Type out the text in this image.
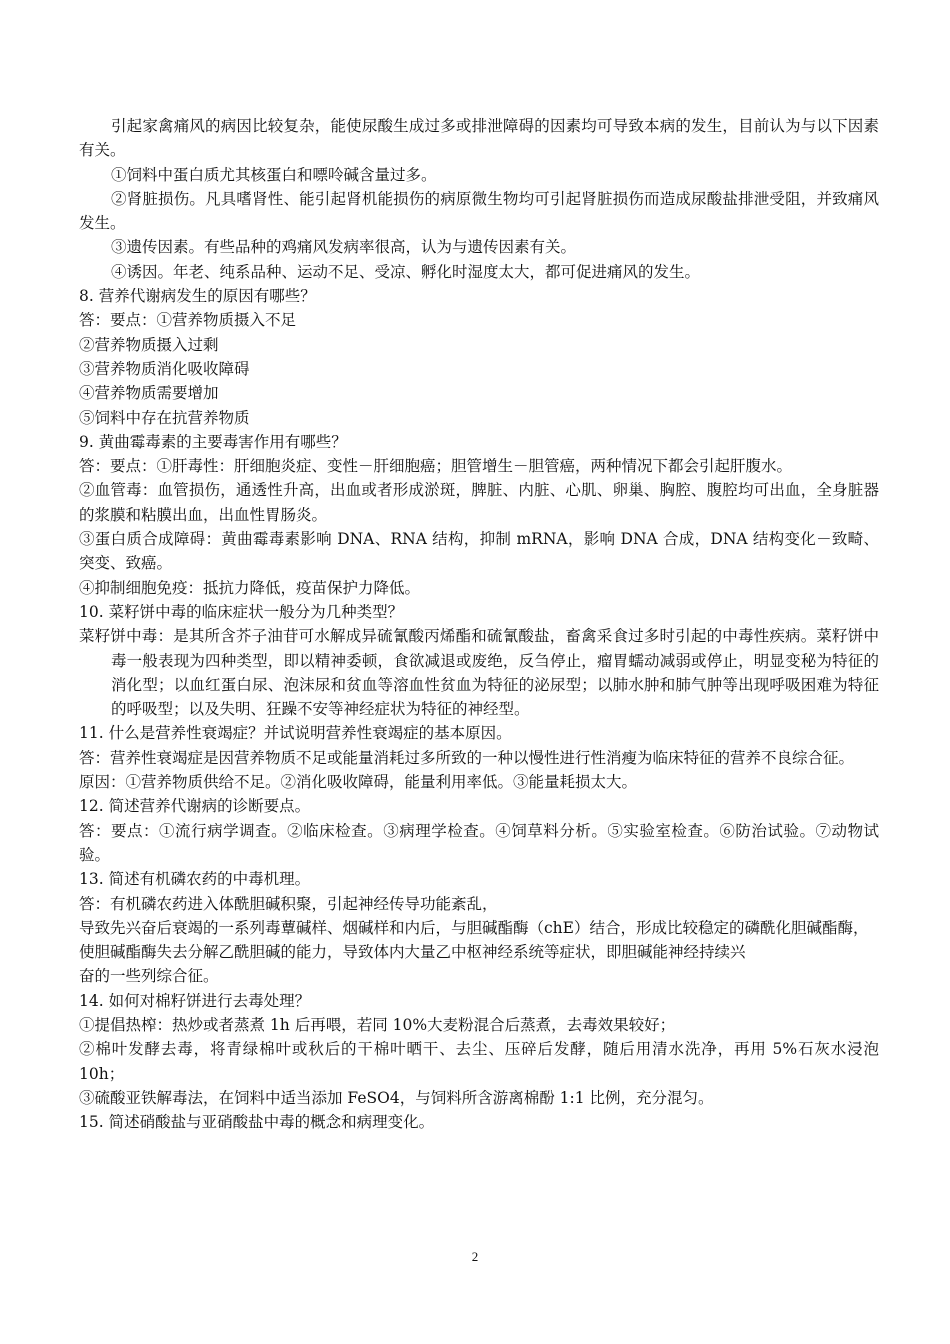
引起家禽痛风的病因比较复杂，能使尿酸生成过多或排泄障碍的因素均可导致本病的发生，目前认为与以下因素有关。

①饲料中蛋白质尤其核蛋白和嘌呤碱含量过多。

②肾脏损伤。凡具嗜肾性、能引起肾机能损伤的病原微生物均可引起肾脏损伤而造成尿酸盐排泄受阻，并致痛风发生。

③遗传因素。有些品种的鸡痛风发病率很高，认为与遗传因素有关。

④诱因。年老、纯系品种、运动不足、受凉、孵化时湿度太大，都可促进痛风的发生。

8. 营养代谢病发生的原因有哪些？

答：要点：①营养物质摄入不足

②营养物质摄入过剩

③营养物质消化吸收障碍

④营养物质需要增加

⑤饲料中存在抗营养物质

9. 黄曲霉毒素的主要毒害作用有哪些？

答：要点：①肝毒性：肝细胞炎症、变性－肝细胞癌；胆管增生－胆管癌，两种情况下都会引起肝腹水。

②血管毒：血管损伤，通透性升高，出血或者形成淤斑，脾脏、内脏、心肌、卵巢、胸腔、腹腔均可出血，全身脏器的浆膜和粘膜出血，出血性胃肠炎。

③蛋白质合成障碍：黄曲霉毒素影响 DNA、RNA 结构，抑制 mRNA，影响 DNA 合成，DNA 结构变化－致畸、突变、致癌。

④抑制细胞免疫：抵抗力降低，疫苗保护力降低。

10. 菜籽饼中毒的临床症状一般分为几种类型？

菜籽饼中毒：是其所含芥子油苷可水解成异硫氰酸丙烯酯和硫氰酸盐，畜禽采食过多时引起的中毒性疾病。菜籽饼中毒一般表现为四种类型，即以精神委顿，食欲减退或废绝，反刍停止，瘤胃蠕动减弱或停止，明显变秘为特征的消化型；以血红蛋白尿、泡沫尿和贫血等溶血性贫血为特征的泌尿型；以肺水肿和肺气肿等出现呼吸困难为特征的呼吸型；以及失明、狂躁不安等神经症状为特征的神经型。

11. 什么是营养性衰竭症？并试说明营养性衰竭症的基本原因。

答：营养性衰竭症是因营养物质不足或能量消耗过多所致的一种以慢性进行性消瘦为临床特征的营养不良综合征。

原因：①营养物质供给不足。②消化吸收障碍，能量利用率低。③能量耗损太大。

12. 简述营养代谢病的诊断要点。

答：要点：①流行病学调查。②临床检查。③病理学检查。④饲草料分析。⑤实验室检查。⑥防治试验。⑦动物试验。

13. 简述有机磷农药的中毒机理。

答：有机磷农药进入体酰胆碱积聚，引起神经传导功能紊乱，

导致先兴奋后衰竭的一系列毒蕈碱样、烟碱样和内后，与胆碱酯酶（chE）结合，形成比较稳定的磷酰化胆碱酯酶，

使胆碱酯酶失去分解乙酰胆碱的能力，导致体内大量乙中枢神经系统等症状，即胆碱能神经持续兴

奋的一些列综合征。

14. 如何对棉籽饼进行去毒处理？

①提倡热榨：热炒或者蒸煮 1h 后再喂，若同 10%大麦粉混合后蒸煮，去毒效果较好；

②棉叶发酵去毒，将青绿棉叶或秋后的干棉叶晒干、去尘、压碎后发酵，随后用清水洗净，再用 5%石灰水浸泡 10h；

③硫酸亚铁解毒法，在饲料中适当添加 FeSO4，与饲料所含游离棉酚 1:1 比例，充分混匀。

15. 简述硝酸盐与亚硝酸盐中毒的概念和病理变化。

2
